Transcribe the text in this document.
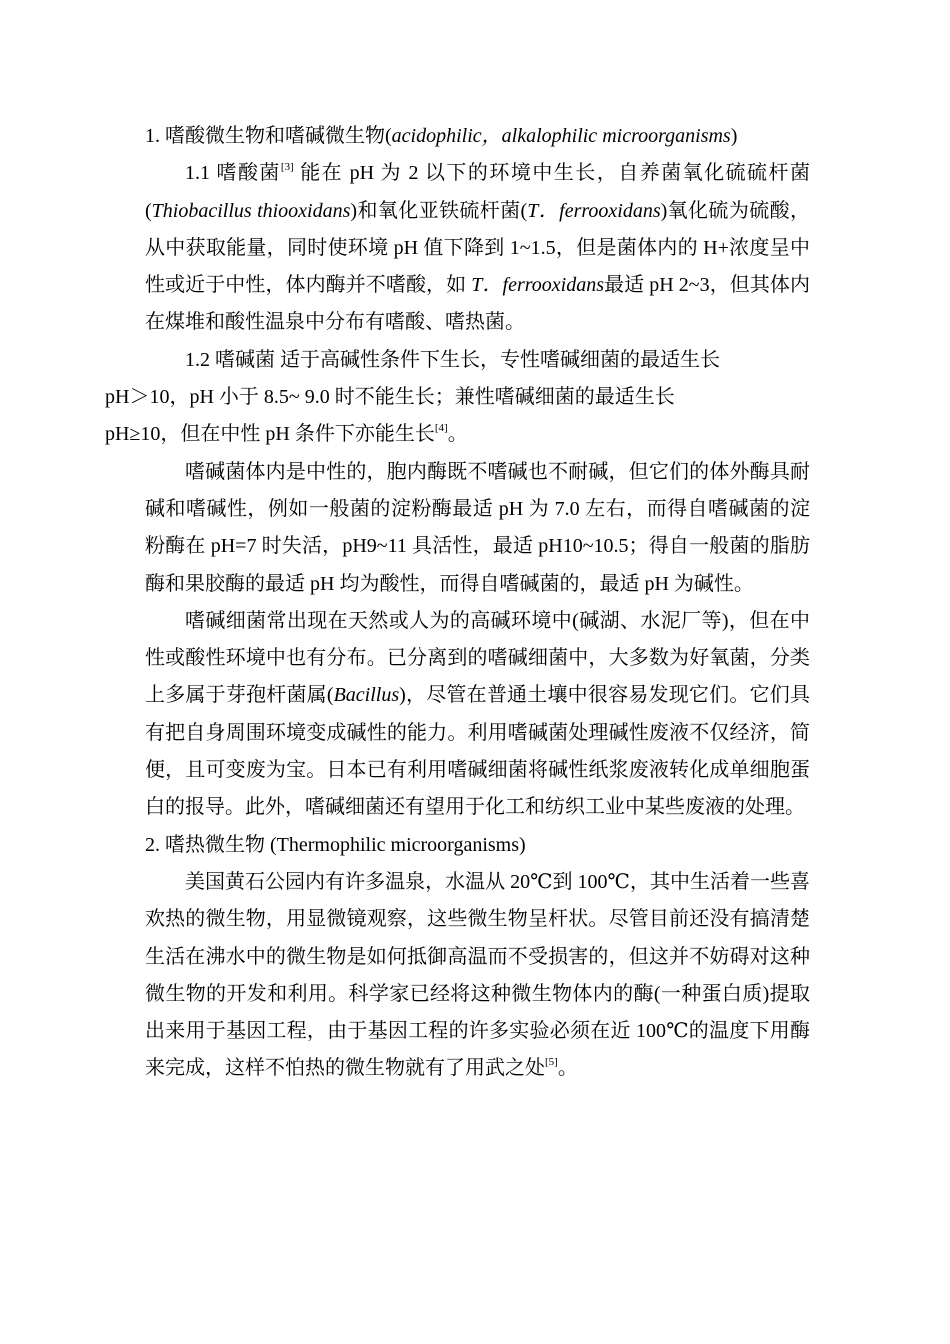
1. 嗜酸微生物和嗜碱微生物(acidophilic，alkalophilic microorganisms)

1.1 嗜酸菌[3] 能在 pH 为 2 以下的环境中生长，自养菌氧化硫硫杆菌(Thiobacillus thiooxidans)和氧化亚铁硫杆菌(T．ferrooxidans)氧化硫为硫酸，从中获取能量，同时使环境 pH 值下降到 1~1.5，但是菌体内的 H+浓度呈中性或近于中性，体内酶并不嗜酸，如 T．ferrooxidans最适 pH 2~3，但其体内在煤堆和酸性温泉中分布有嗜酸、嗜热菌。

1.2 嗜碱菌 适于高碱性条件下生长，专性嗜碱细菌的最适生长
pH＞10，pH 小于 8.5~ 9.0 时不能生长；兼性嗜碱细菌的最适生长
pH≥10，但在中性 pH 条件下亦能生长[4]。

嗜碱菌体内是中性的，胞内酶既不嗜碱也不耐碱，但它们的体外酶具耐碱和嗜碱性，例如一般菌的淀粉酶最适 pH 为 7.0 左右，而得自嗜碱菌的淀粉酶在 pH=7 时失活，pH9~11 具活性，最适 pH10~10.5；得自一般菌的脂肪酶和果胶酶的最适 pH 均为酸性，而得自嗜碱菌的，最适 pH 为碱性。

嗜碱细菌常出现在天然或人为的高碱环境中(碱湖、水泥厂等)，但在中性或酸性环境中也有分布。已分离到的嗜碱细菌中，大多数为好氧菌，分类上多属于芽孢杆菌属(Bacillus)，尽管在普通土壤中很容易发现它们。它们具有把自身周围环境变成碱性的能力。利用嗜碱菌处理碱性废液不仅经济，简便，且可变废为宝。日本已有利用嗜碱细菌将碱性纸浆废液转化成单细胞蛋白的报导。此外，嗜碱细菌还有望用于化工和纺织工业中某些废液的处理。

2. 嗜热微生物 (Thermophilic microorganisms)

美国黄石公园内有许多温泉，水温从 20℃到 100℃，其中生活着一些喜欢热的微生物，用显微镜观察，这些微生物呈杆状。尽管目前还没有搞清楚生活在沸水中的微生物是如何抵御高温而不受损害的，但这并不妨碍对这种微生物的开发和利用。科学家已经将这种微生物体内的酶(一种蛋白质)提取出来用于基因工程，由于基因工程的许多实验必须在近 100℃的温度下用酶来完成，这样不怕热的微生物就有了用武之处[5]。
